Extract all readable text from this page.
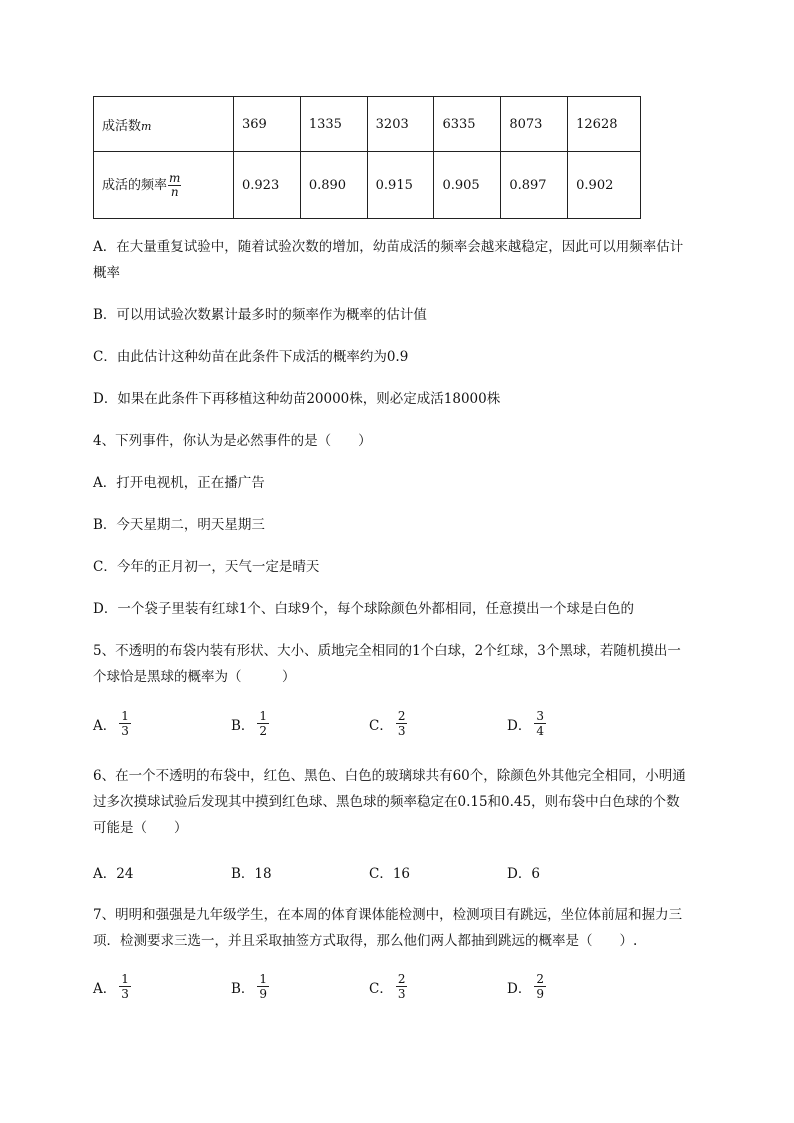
成活数m	369	1335	3203	6335	8073	12628
成活的频率 $\frac{m}{n}$	0.923	0.890	0.915	0.905	0.897	0.902
A．在大量重复试验中，随着试验次数的增加，幼苗成活的频率会越来越稳定，因此可以用频率估计
概率
B．可以用试验次数累计最多时的频率作为概率的估计值
C．由此估计这种幼苗在此条件下成活的概率约为0.9
D．如果在此条件下再移植这种幼苗20000株，则必定成活18000株
4、下列事件，你认为是必然事件的是（　　）
A．打开电视机，正在播广告
B．今天星期二，明天星期三
C．今年的正月初一，天气一定是晴天
D．一个袋子里装有红球1个、白球9个，每个球除颜色外都相同，任意摸出一个球是白色的
5、不透明的布袋内装有形状、大小、质地完全相同的1个白球，2个红球，3个黑球，若随机摸出一
个球恰是黑球的概率为（　　　）
A． $\frac{1}{3}$	B． $\frac{1}{2}$	C． $\frac{2}{3}$	D． $\frac{3}{4}$
6、在一个不透明的布袋中，红色、黑色、白色的玻璃球共有60个，除颜色外其他完全相同，小明通
过多次摸球试验后发现其中摸到红色球、黑色球的频率稳定在0.15和0.45，则布袋中白色球的个数
可能是（　　）
A．24	B．18	C．16	D．6
7、明明和强强是九年级学生，在本周的体育课体能检测中，检测项目有跳远，坐位体前屈和握力三
项．检测要求三选一，并且采取抽签方式取得，那么他们两人都抽到跳远的概率是（　　）.
A． $\frac{1}{3}$	B． $\frac{1}{9}$	C． $\frac{2}{3}$	D． $\frac{2}{9}$
